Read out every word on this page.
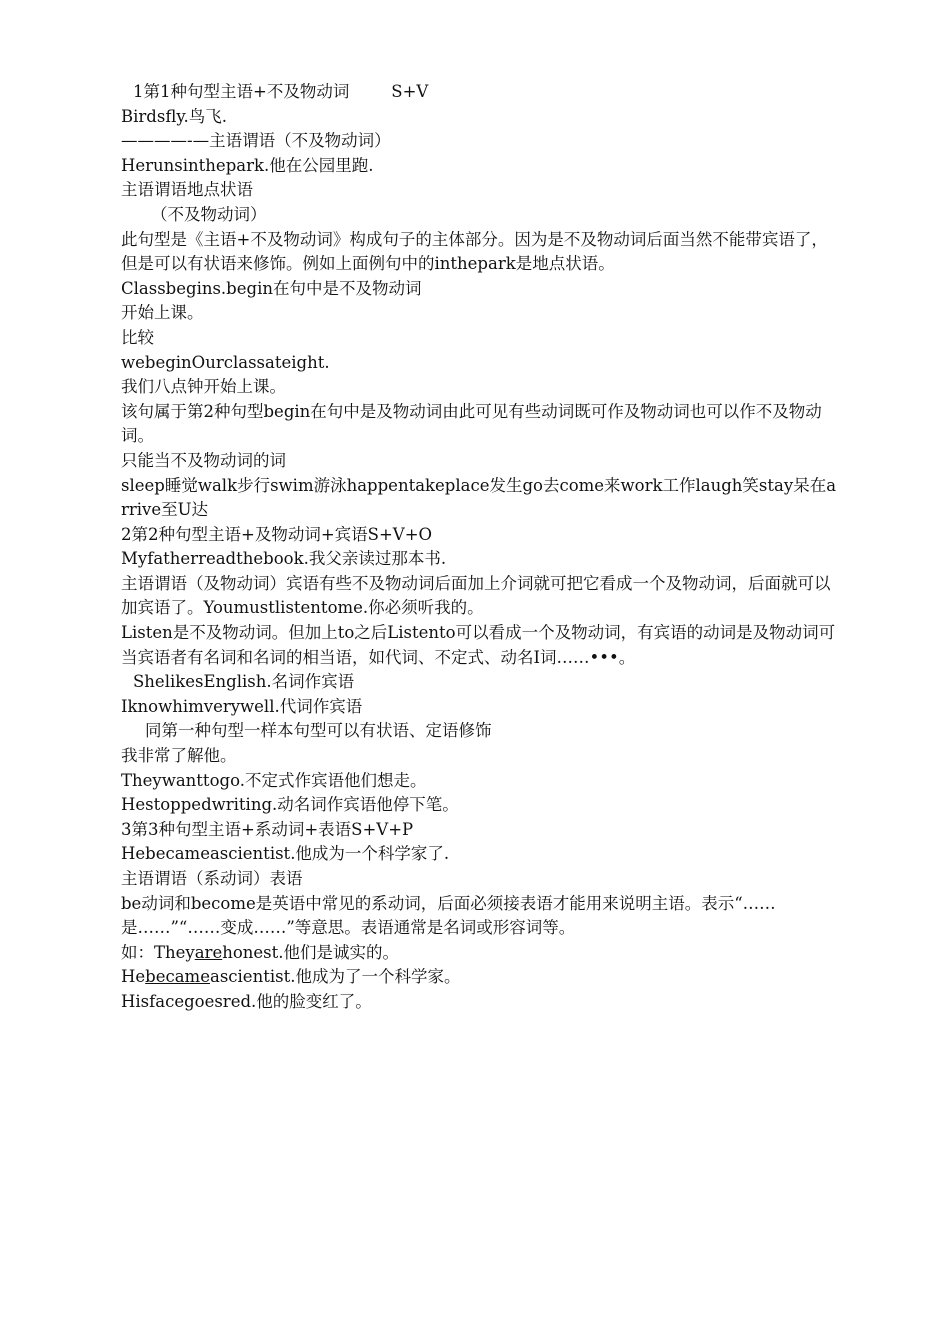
1第1种句型主语+不及物动词        S+V

Birdsfly.鸟飞.

————-—主语谓语（不及物动词）

Herunsinthepark.他在公园里跑.

主语谓语地点状语

（不及物动词）

此句型是《主语+不及物动词》构成句子的主体部分。因为是不及物动词后面当然不能带宾语了，但是可以有状语来修饰。例如上面例句中的inthepark是地点状语。

Classbegins.begin在句中是不及物动词

开始上课。

比较

webeginOurclassateight.

我们八点钟开始上课。

该句属于第2种句型begin在句中是及物动词由此可见有些动词既可作及物动词也可以作不及物动词。

只能当不及物动词的词

sleep睡觉walk步行swim游泳happentakeplace发生go去come来work工作laugh笑stay呆在arrive至U达

2第2种句型主语+及物动词+宾语S+V+O

Myfatherreadthebook.我父亲读过那本书.

主语谓语（及物动词）宾语有些不及物动词后面加上介词就可把它看成一个及物动词，后面就可以加宾语了。Youmustlistentome.你必须听我的。

Listen是不及物动词。但加上to之后Listento可以看成一个及物动词，有宾语的动词是及物动词可当宾语者有名词和名词的相当语，如代词、不定式、动名I词……•••。

ShelikesEnglish.名词作宾语

Iknowhimverywell.代词作宾语

同第一种句型一样本句型可以有状语、定语修饰

我非常了解他。

Theywanttogo.不定式作宾语他们想走。

Hestoppedwriting.动名词作宾语他停下笔。

3第3种句型主语+系动词+表语S+V+P

Hebecameascientist.他成为一个科学家了.

主语谓语（系动词）表语

be动词和become是英语中常见的系动词，后面必须接表语才能用来说明主语。表示“……是……”“……变成……”等意思。表语通常是名词或形容词等。

如：Theyarehonest.他们是诚实的。

Hebecameascientist.他成为了一个科学家。

Hisfacegoesred.他的脸变红了。
